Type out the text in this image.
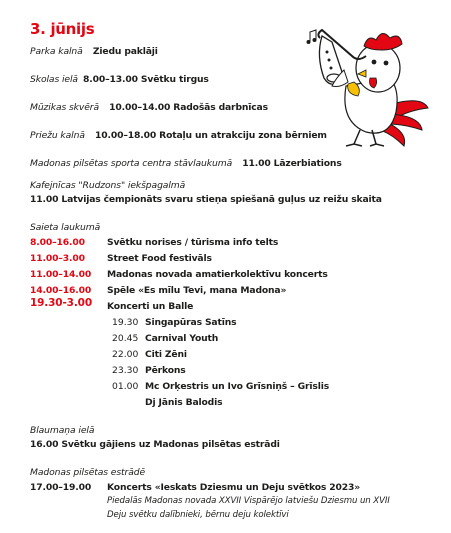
3. jūnijs
Parka kalnā Ziedu paklāji
Skolas ielā 8.00–13.00 Svētku tirgus
Mūzikas skvērā 10.00–14.00 Radošās darbnīcas
Priežu kalnā 10.00–18.00 Rotaļu un atrakciju zona bērniem
Madonas pilsētas sporta centra stāvlaukumā 11.00 Lāzerbiations
Kafejnīcas "Rudzons" iekšpagalmā
11.00 Latvijas čempionāts svaru stieņa spiešanā guļus uz reižu skaita
Saieta laukumā
8.00–16.00 Svētku norises / tūrisma info telts
11.00–3.00 Street Food festivāls
11.00–14.00 Madonas novada amatierkolektīvu koncerts
14.00–16.00 Spēle «Es mīlu Tevi, mana Madona»
19.30-3.00 Koncerti un Balle
19.30 Singapūras Satīns
20.45 Carnival Youth
22.00 Citi Zēni
23.30 Pērkons
01.00 Mc Orķestris un Ivo Grīsniņš – Grīslis
Dj Jānis Balodis
Blaumaņa ielā
16.00 Svētku gājiens uz Madonas pilsētas estrādi
Madonas pilsētas estrādē
17.00–19.00 Koncerts «Ieskats Dziesmu un Deju svētkos 2023»
Piedalās Madonas novada XXVII Vispārējo latviešu Dziesmu un XVII
Deju svētku dalībnieki, bērnu deju kolektīvi
